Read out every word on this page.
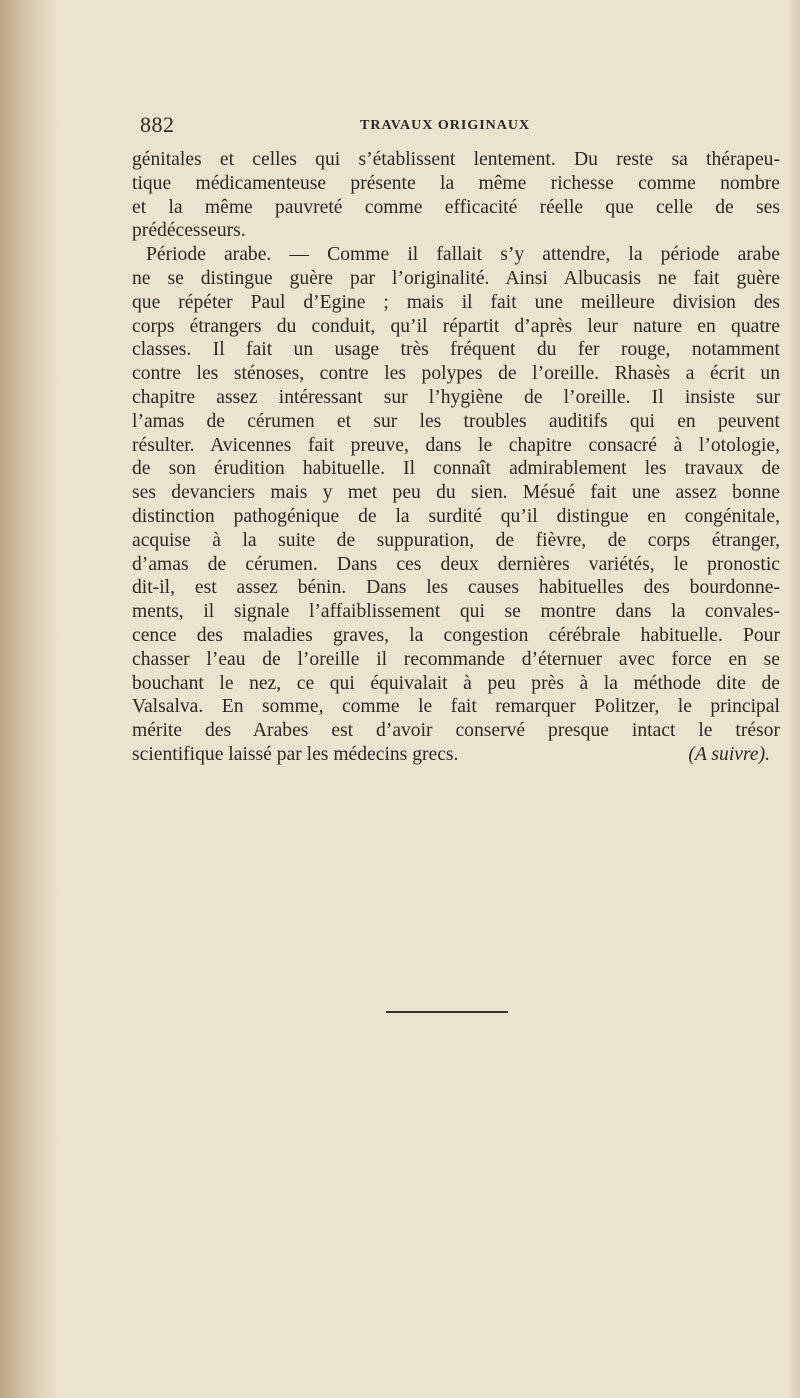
882	TRAVAUX ORIGINAUX
génitales et celles qui s’établissent lentement. Du reste sa thérapeu-
tique médicamenteuse présente la même richesse comme nombre
et la même pauvreté comme efficacité réelle que celle de ses
prédécesseurs.
Période arabe. — Comme il fallait s’y attendre, la période arabe
ne se distingue guère par l’originalité. Ainsi Albucasis ne fait guère
que répéter Paul d’Egine ; mais il fait une meilleure division des
corps étrangers du conduit, qu’il répartit d’après leur nature en quatre
classes. Il fait un usage très fréquent du fer rouge, notamment
contre les sténoses, contre les polypes de l’oreille. Rhasès a écrit un
chapitre assez intéressant sur l’hygiène de l’oreille. Il insiste sur
l’amas de cérumen et sur les troubles auditifs qui en peuvent
résulter. Avicennes fait preuve, dans le chapitre consacré à l’otologie,
de son érudition habituelle. Il connaît admirablement les travaux de
ses devanciers mais y met peu du sien. Mésué fait une assez bonne
distinction pathogénique de la surdité qu’il distingue en congénitale,
acquise à la suite de suppuration, de fièvre, de corps étranger,
d’amas de cérumen. Dans ces deux dernières variétés, le pronostic
dit-il, est assez bénin. Dans les causes habituelles des bourdonne-
ments, il signale l’affaiblissement qui se montre dans la convales-
cence des maladies graves, la congestion cérébrale habituelle. Pour
chasser l’eau de l’oreille il recommande d’éternuer avec force en se
bouchant le nez, ce qui équivalait à peu près à la méthode dite de
Valsalva. En somme, comme le fait remarquer Politzer, le principal
mérite des Arabes est d’avoir conservé presque intact le trésor
scientifique laissé par les médecins grecs.	(A suivre).
